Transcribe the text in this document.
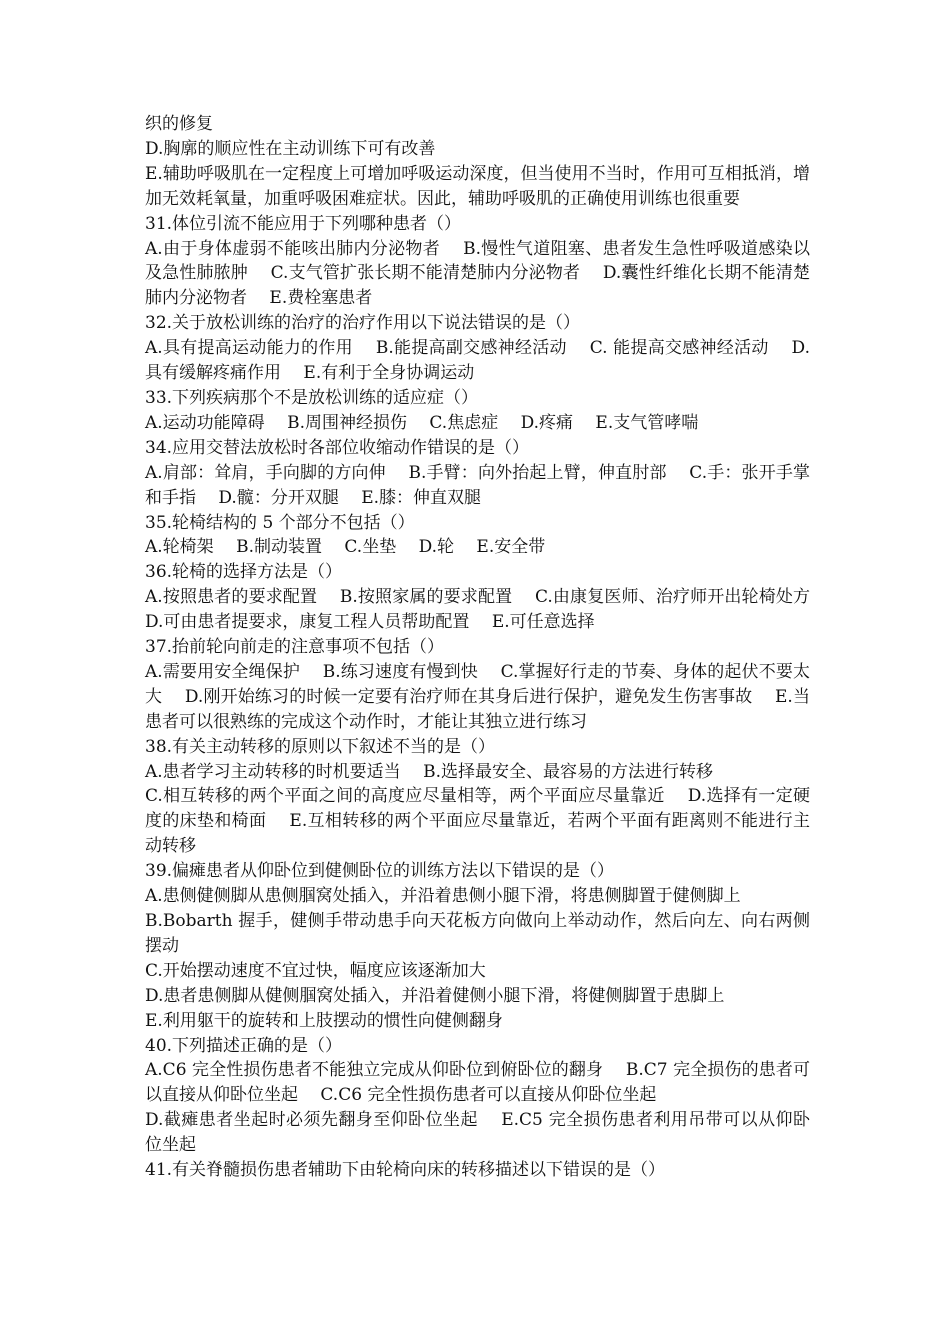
织的修复

D.胸廓的顺应性在主动训练下可有改善

E.辅助呼吸肌在一定程度上可增加呼吸运动深度，但当使用不当时，作用可互相抵消，增加无效耗氧量，加重呼吸困难症状。因此，辅助呼吸肌的正确使用训练也很重要

31.体位引流不能应用于下列哪种患者（）

A.由于身体虚弱不能咳出肺内分泌物者　 B.慢性气道阻塞、患者发生急性呼吸道感染以及急性肺脓肿　 C.支气管扩张长期不能清楚肺内分泌物者　 D.囊性纤维化长期不能清楚肺内分泌物者　 E.费栓塞患者

32.关于放松训练的治疗的治疗作用以下说法错误的是（）

A.具有提高运动能力的作用　 B.能提高副交感神经活动　 C. 能提高交感神经活动　 D.具有缓解疼痛作用　 E.有利于全身协调运动

33.下列疾病那个不是放松训练的适应症（）

A.运动功能障碍　 B.周围神经损伤　 C.焦虑症　 D.疼痛　 E.支气管哮喘

34.应用交替法放松时各部位收缩动作错误的是（）

A.肩部：耸肩，手向脚的方向伸　 B.手臂：向外抬起上臂，伸直肘部　 C.手：张开手掌和手指　 D.髋：分开双腿　 E.膝：伸直双腿

35.轮椅结构的 5 个部分不包括（）

A.轮椅架　 B.制动装置　 C.坐垫　 D.轮　 E.安全带

36.轮椅的选择方法是（）

A.按照患者的要求配置　 B.按照家属的要求配置　 C.由康复医师、治疗师开出轮椅处方　 D.可由患者提要求，康复工程人员帮助配置　 E.可任意选择

37.抬前轮向前走的注意事项不包括（）

A.需要用安全绳保护　 B.练习速度有慢到快　 C.掌握好行走的节奏、身体的起伏不要太大　 D.刚开始练习的时候一定要有治疗师在其身后进行保护，避免发生伤害事故　 E.当患者可以很熟练的完成这个动作时，才能让其独立进行练习

38.有关主动转移的原则以下叙述不当的是（）

A.患者学习主动转移的时机要适当　 B.选择最安全、最容易的方法进行转移

C.相互转移的两个平面之间的高度应尽量相等，两个平面应尽量靠近　 D.选择有一定硬度的床垫和椅面　 E.互相转移的两个平面应尽量靠近，若两个平面有距离则不能进行主动转移

39.偏瘫患者从仰卧位到健侧卧位的训练方法以下错误的是（）

A.患侧健侧脚从患侧腘窝处插入，并沿着患侧小腿下滑，将患侧脚置于健侧脚上

B.Bobarth 握手，健侧手带动患手向天花板方向做向上举动动作，然后向左、向右两侧摆动

C.开始摆动速度不宜过快，幅度应该逐渐加大

D.患者患侧脚从健侧腘窝处插入，并沿着健侧小腿下滑，将健侧脚置于患脚上

E.利用躯干的旋转和上肢摆动的惯性向健侧翻身

40.下列描述正确的是（）

A.C6 完全性损伤患者不能独立完成从仰卧位到俯卧位的翻身　 B.C7 完全损伤的患者可以直接从仰卧位坐起　 C.C6 完全性损伤患者可以直接从仰卧位坐起

D.截瘫患者坐起时必须先翻身至仰卧位坐起　 E.C5 完全损伤患者利用吊带可以从仰卧位坐起

41.有关脊髓损伤患者辅助下由轮椅向床的转移描述以下错误的是（）
